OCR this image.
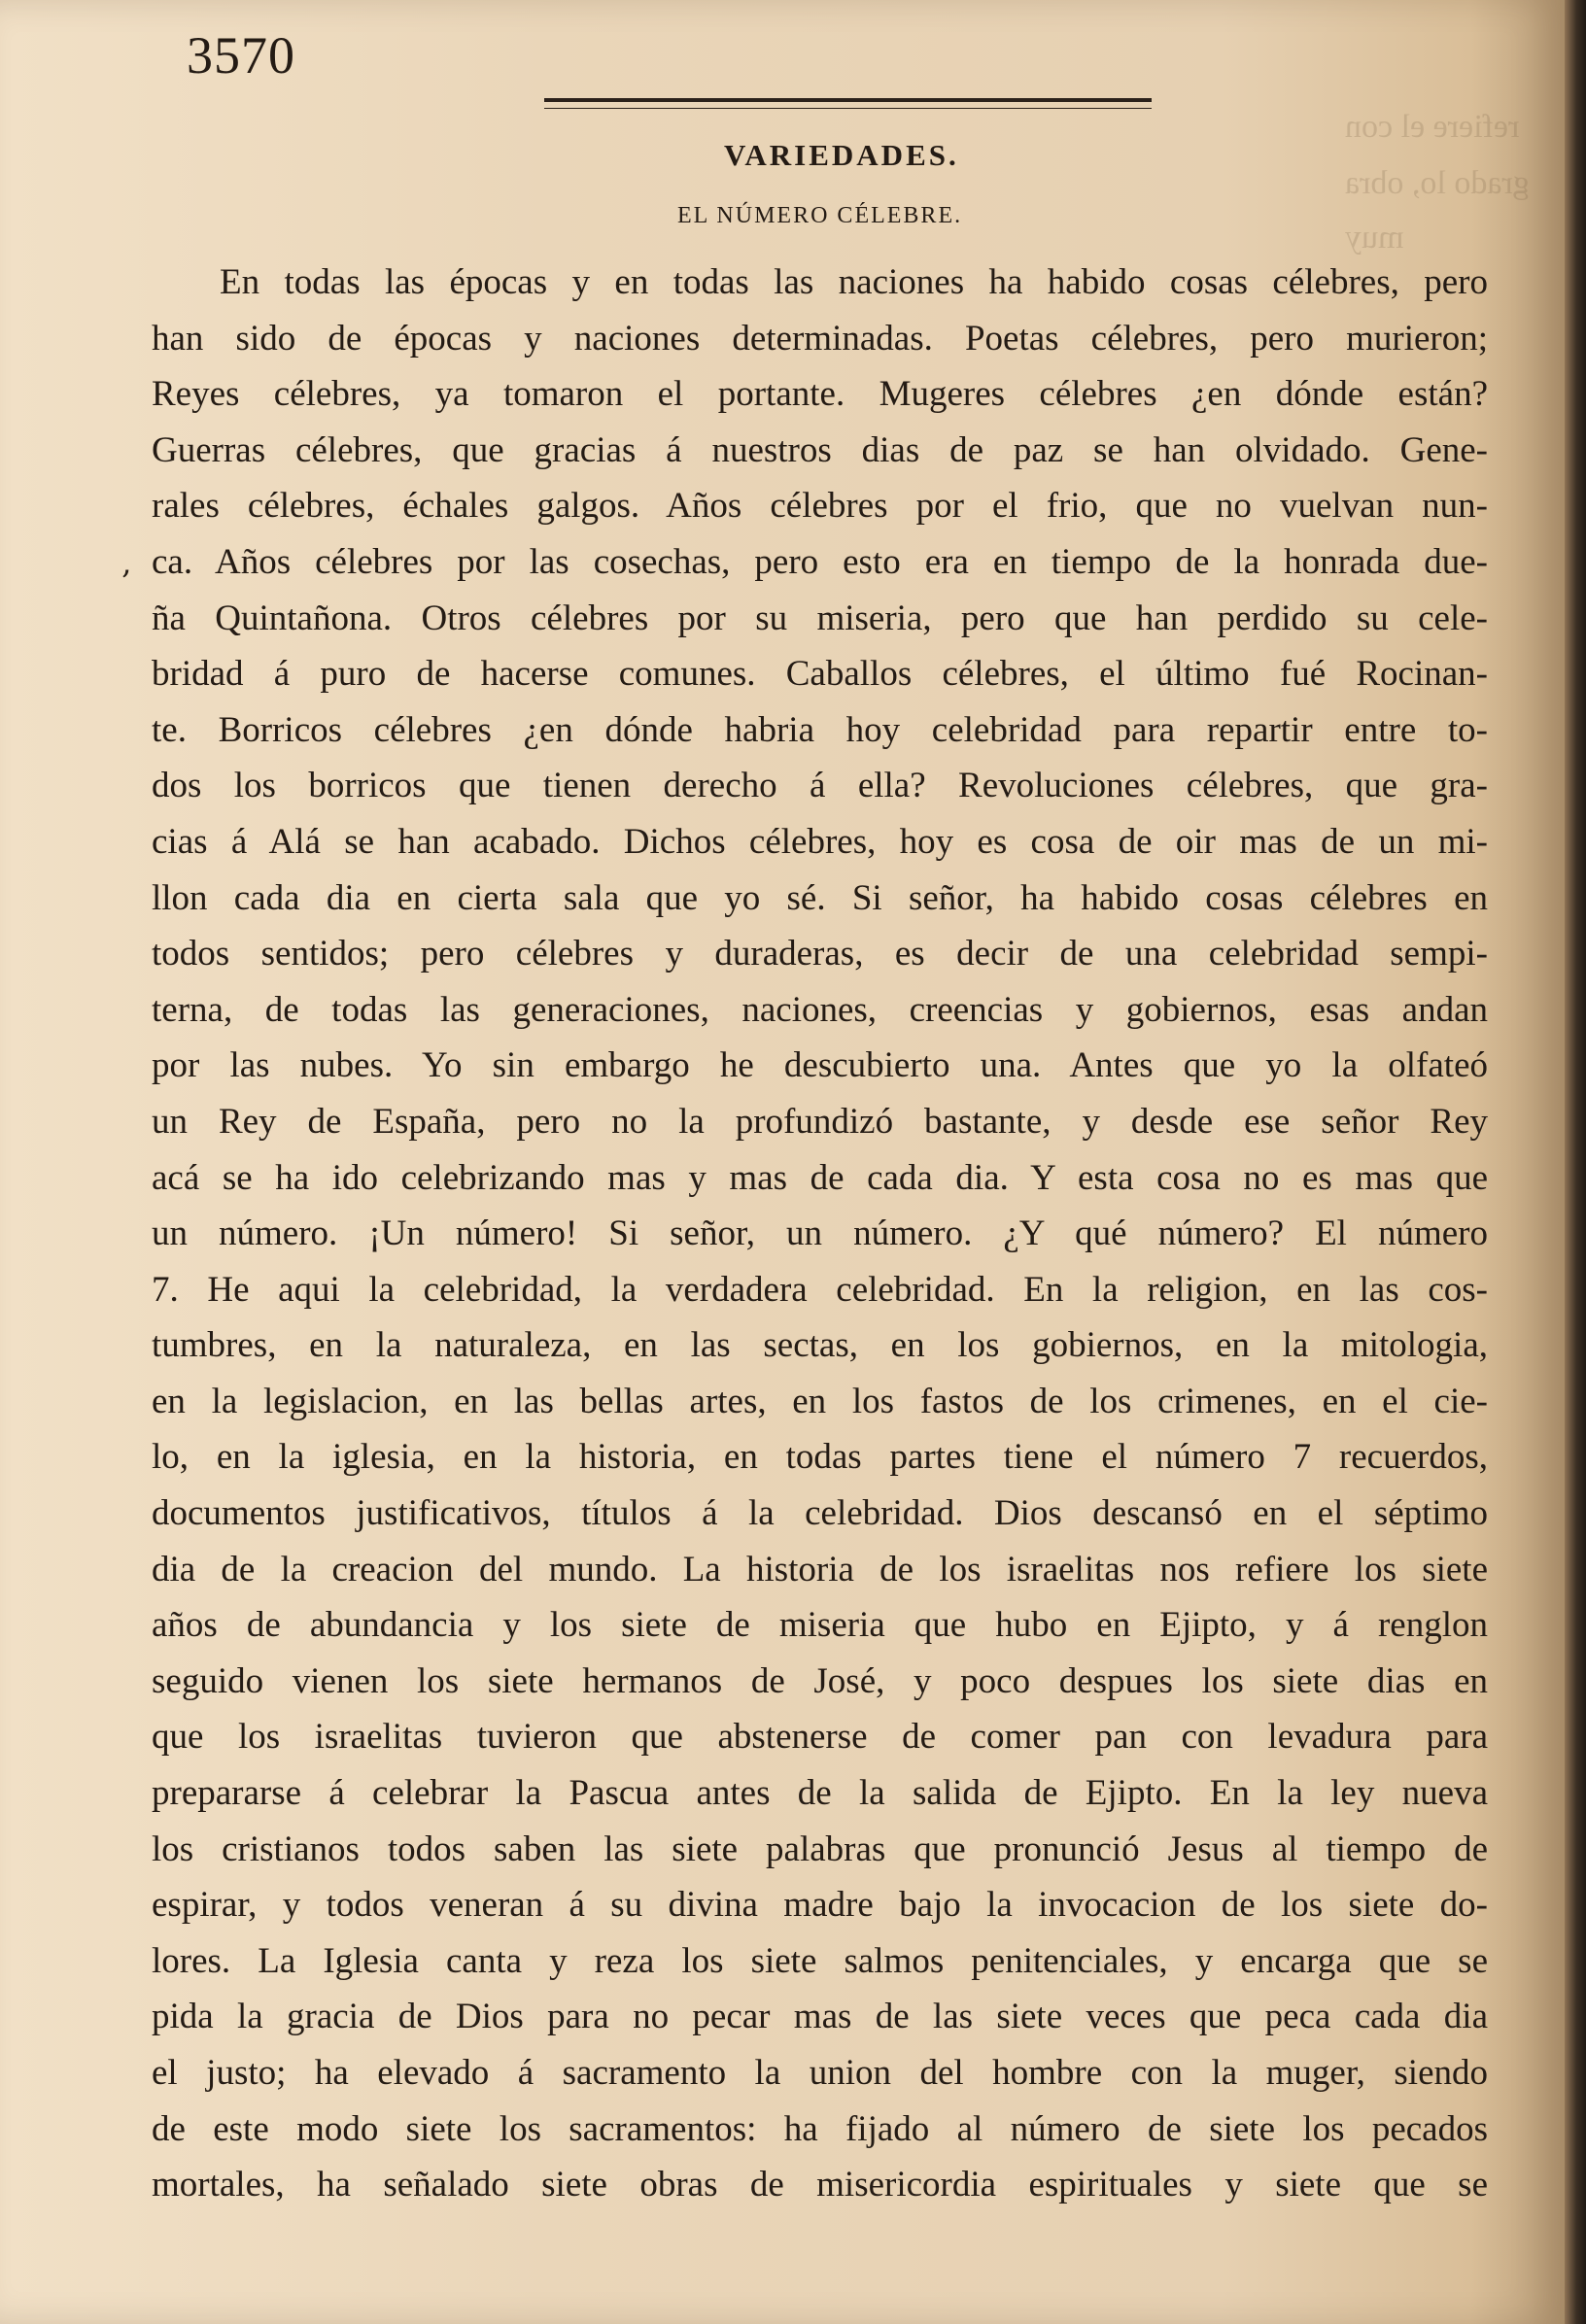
refiere el con
grado lo, obra
muy
3570
VARIEDADES.
EL NÚMERO CÉLEBRE.
‚
En todas las épocas y en todas las naciones ha habido cosas célebres, pero
han sido de épocas y naciones determinadas. Poetas célebres, pero murieron;
Reyes célebres, ya tomaron el portante. Mugeres célebres ¿en dónde están?
Guerras célebres, que gracias á nuestros dias de paz se han olvidado. Gene-
rales célebres, échales galgos. Años célebres por el frio, que no vuelvan nun-
ca. Años célebres por las cosechas, pero esto era en tiempo de la honrada due-
ña Quintañona. Otros célebres por su miseria, pero que han perdido su cele-
bridad á puro de hacerse comunes. Caballos célebres, el último fué Rocinan-
te. Borricos célebres ¿en dónde habria hoy celebridad para repartir entre to-
dos los borricos que tienen derecho á ella? Revoluciones célebres, que gra-
cias á Alá se han acabado. Dichos célebres, hoy es cosa de oir mas de un mi-
llon cada dia en cierta sala que yo sé. Si señor, ha habido cosas célebres en
todos sentidos; pero célebres y duraderas, es decir de una celebridad sempi-
terna, de todas las generaciones, naciones, creencias y gobiernos, esas andan
por las nubes. Yo sin embargo he descubierto una. Antes que yo la olfateó
un Rey de España, pero no la profundizó bastante, y desde ese señor Rey
acá se ha ido celebrizando mas y mas de cada dia. Y esta cosa no es mas que
un número. ¡Un número! Si señor, un número. ¿Y qué número? El número
7. He aqui la celebridad, la verdadera celebridad. En la religion, en las cos-
tumbres, en la naturaleza, en las sectas, en los gobiernos, en la mitologia,
en la legislacion, en las bellas artes, en los fastos de los crimenes, en el cie-
lo, en la iglesia, en la historia, en todas partes tiene el número 7 recuerdos,
documentos justificativos, títulos á la celebridad. Dios descansó en el séptimo
dia de la creacion del mundo. La historia de los israelitas nos refiere los siete
años de abundancia y los siete de miseria que hubo en Ejipto, y á renglon
seguido vienen los siete hermanos de José, y poco despues los siete dias en
que los israelitas tuvieron que abstenerse de comer pan con levadura para
prepararse á celebrar la Pascua antes de la salida de Ejipto. En la ley nueva
los cristianos todos saben las siete palabras que pronunció Jesus al tiempo de
espirar, y todos veneran á su divina madre bajo la invocacion de los siete do-
lores. La Iglesia canta y reza los siete salmos penitenciales, y encarga que se
pida la gracia de Dios para no pecar mas de las siete veces que peca cada dia
el justo; ha elevado á sacramento la union del hombre con la muger, siendo
de este modo siete los sacramentos: ha fijado al número de siete los pecados
mortales, ha señalado siete obras de misericordia espirituales y siete que se
